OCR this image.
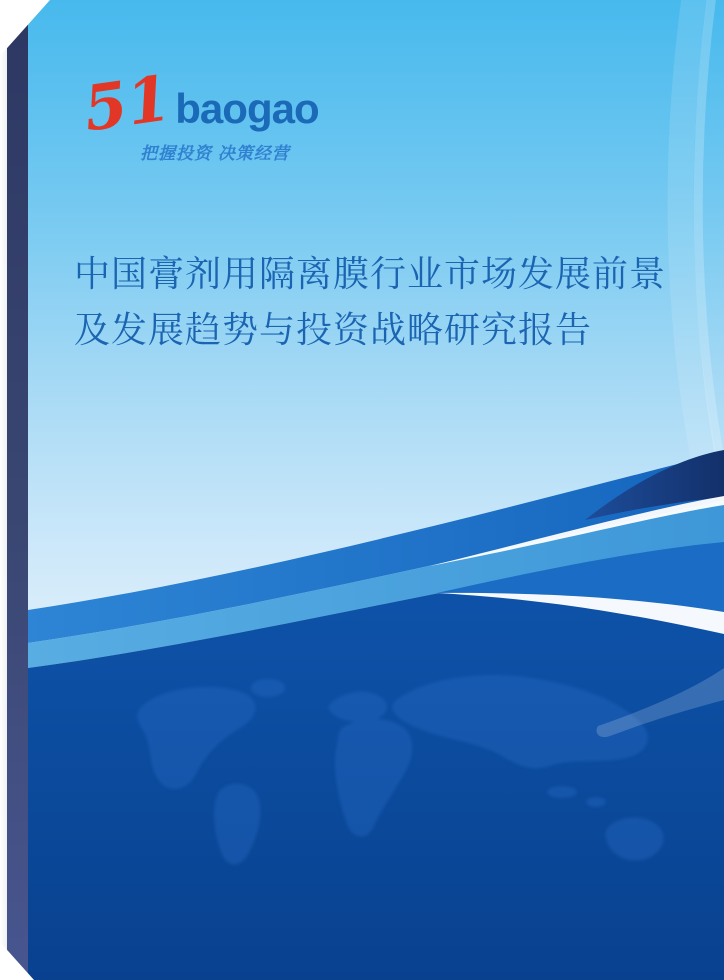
51 baogao
把握投资 决策经营
中国膏剂用隔离膜行业市场发展前景
及发展趋势与投资战略研究报告
